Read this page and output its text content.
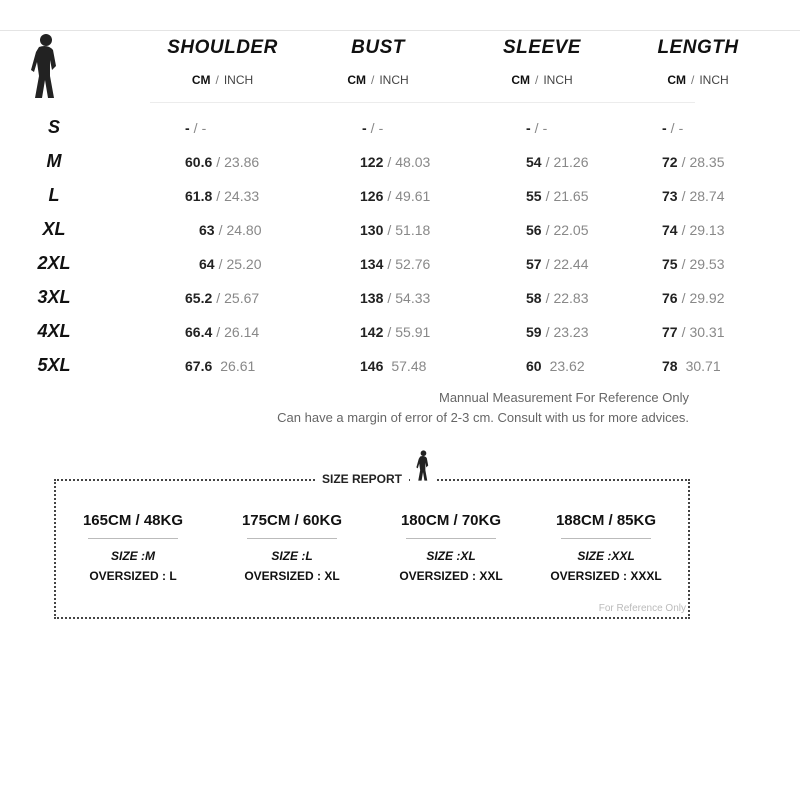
SHOULDER
CM / INCH
BUST
CM / INCH
SLEEVE
CM / INCH
LENGTH
CM / INCH
S	- / -	- / -	- / -	- / -
M	60.6 / 23.86	122 / 48.03	54 / 21.26	72 / 28.35
L	61.8 / 24.33	126 / 49.61	55 / 21.65	73 / 28.74
XL	63 / 24.80	130 / 51.18	56 / 22.05	74 / 29.13
2XL	64 / 25.20	134 / 52.76	57 / 22.44	75 / 29.53
3XL	65.2 / 25.67	138 / 54.33	58 / 22.83	76 / 29.92
4XL	66.4 / 26.14	142 / 55.91	59 / 23.23	77 / 30.31
5XL	67.6 26.61	146 57.48	60 23.62	78 30.71
Mannual Measurement For Reference Only
Can have a margin of error of 2-3 cm. Consult with us for more advices.
SIZE REPORT
165CM / 48KG
SIZE :M
OVERSIZED : L
175CM / 60KG
SIZE :L
OVERSIZED : XL
180CM / 70KG
SIZE :XL
OVERSIZED : XXL
188CM / 85KG
SIZE :XXL
OVERSIZED : XXXL
For Reference Only
